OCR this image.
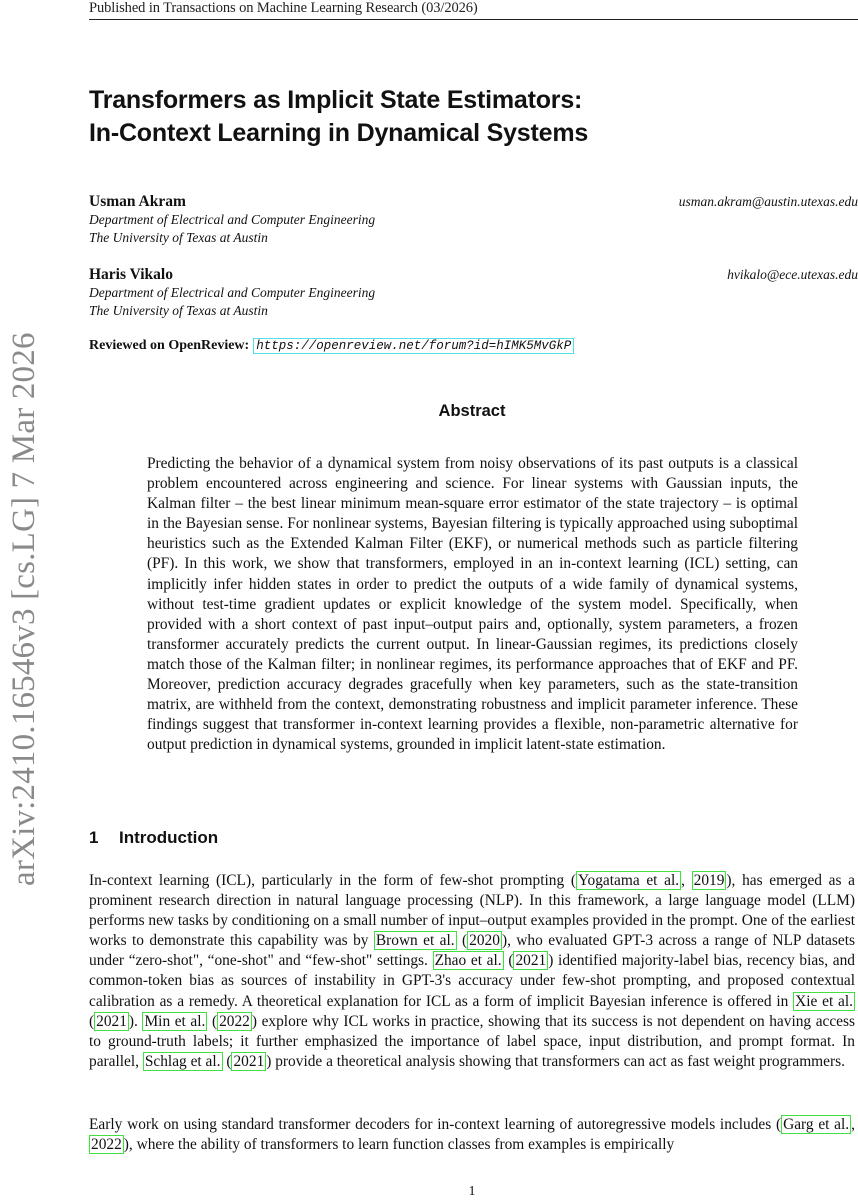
Published in Transactions on Machine Learning Research (03/2026)
arXiv:2410.16546v3 [cs.LG] 7 Mar 2026
Transformers as Implicit State Estimators:
In-Context Learning in Dynamical Systems
Usman Akram	usman.akram@austin.utexas.edu
Department of Electrical and Computer Engineering
The University of Texas at Austin
Haris Vikalo	hvikalo@ece.utexas.edu
Department of Electrical and Computer Engineering
The University of Texas at Austin
Reviewed on OpenReview: https://openreview.net/forum?id=hIMK5MvGkP
Abstract
Predicting the behavior of a dynamical system from noisy observations of its past outputs is a classical problem encountered across engineering and science. For linear systems with Gaussian inputs, the Kalman filter – the best linear minimum mean-square error estimator of the state trajectory – is optimal in the Bayesian sense. For nonlinear systems, Bayesian filtering is typically approached using suboptimal heuristics such as the Extended Kalman Filter (EKF), or numerical methods such as particle filtering (PF). In this work, we show that transformers, employed in an in-context learning (ICL) setting, can implicitly infer hidden states in order to predict the outputs of a wide family of dynamical systems, without test-time gradient updates or explicit knowledge of the system model. Specifically, when provided with a short context of past input–output pairs and, optionally, system parameters, a frozen transformer accurately predicts the current output. In linear-Gaussian regimes, its predictions closely match those of the Kalman filter; in nonlinear regimes, its performance approaches that of EKF and PF. Moreover, prediction accuracy degrades gracefully when key parameters, such as the state-transition matrix, are withheld from the context, demonstrating robustness and implicit parameter inference. These findings suggest that transformer in-context learning provides a flexible, non-parametric alternative for output prediction in dynamical systems, grounded in implicit latent-state estimation.
1 Introduction
In-context learning (ICL), particularly in the form of few-shot prompting ( Yogatama et al. , 2019 ), has emerged as a prominent research direction in natural language processing (NLP). In this framework, a large language model (LLM) performs new tasks by conditioning on a small number of input–output examples provided in the prompt. One of the earliest works to demonstrate this capability was by Brown et al. ( 2020 ), who evaluated GPT-3 across a range of NLP datasets under “zero-shot", “one-shot" and “few-shot" settings. Zhao et al. ( 2021 ) identified majority-label bias, recency bias, and common-token bias as sources of instability in GPT-3's accuracy under few-shot prompting, and proposed contextual calibration as a remedy. A theoretical explanation for ICL as a form of implicit Bayesian inference is offered in Xie et al. ( 2021 ). Min et al. ( 2022 ) explore why ICL works in practice, showing that its success is not dependent on having access to ground-truth labels; it further emphasized the importance of label space, input distribution, and prompt format. In parallel, Schlag et al. ( 2021 ) provide a theoretical analysis showing that transformers can act as fast weight programmers.
Early work on using standard transformer decoders for in-context learning of autoregressive models includes ( Garg et al. , 2022 ), where the ability of transformers to learn function classes from examples is empirically
1
